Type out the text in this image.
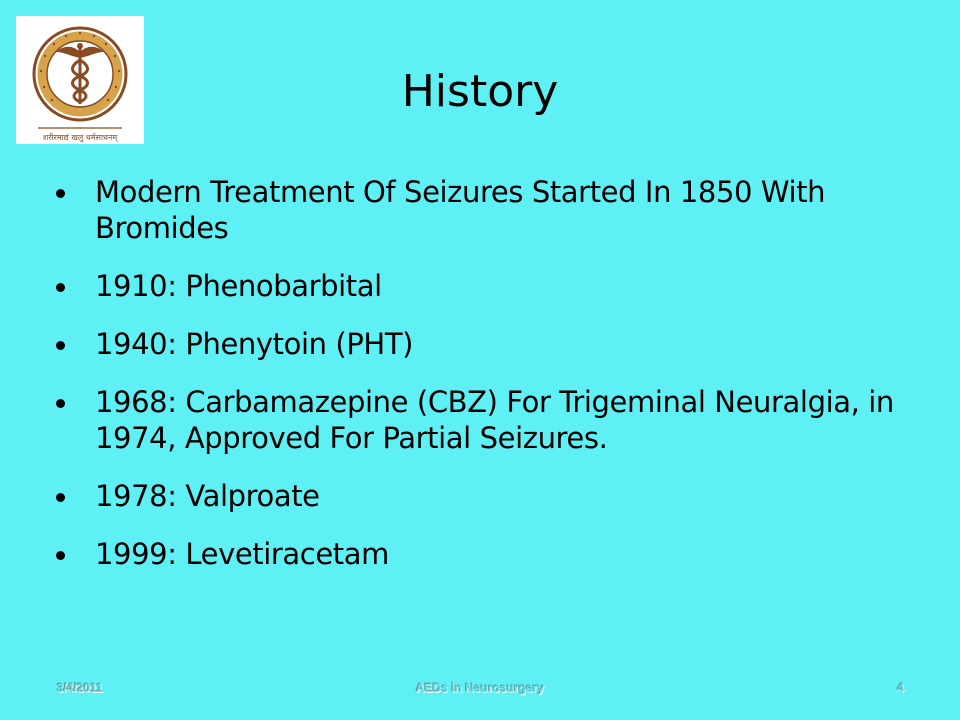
शरीरमाद्यं खलु धर्मसाधनम्
History
Modern Treatment Of Seizures Started In 1850 With Bromides
1910: Phenobarbital
1940: Phenytoin (PHT)
1968: Carbamazepine (CBZ) For Trigeminal Neuralgia, in 1974, Approved For Partial Seizures.
1978: Valproate
1999: Levetiracetam
3/4/2011	AEDs in Neurosurgery	4
